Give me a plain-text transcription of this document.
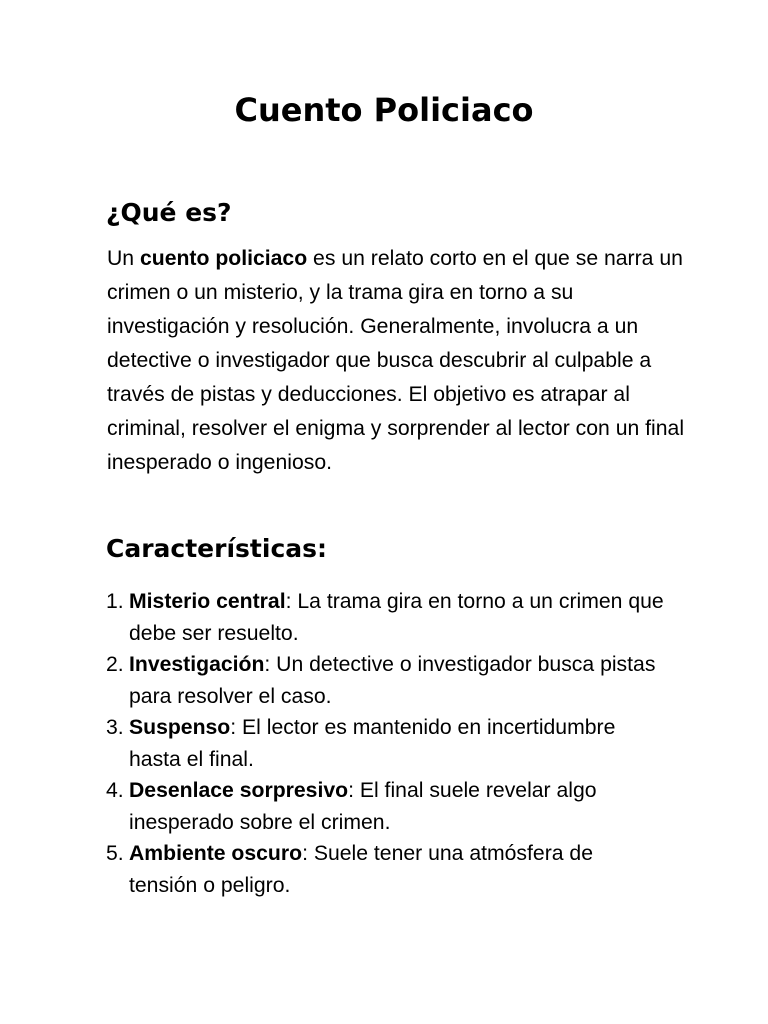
Cuento Policiaco
¿Qué es?

Un cuento policiaco es un relato corto en el que se narra un crimen o un misterio, y la trama gira en torno a su investigación y resolución. Generalmente, involucra a un detective o investigador que busca descubrir al culpable a través de pistas y deducciones. El objetivo es atrapar al criminal, resolver el enigma y sorprender al lector con un final inesperado o ingenioso.

Características:
1. Misterio central: La trama gira en torno a un crimen que debe ser resuelto.
2. Investigación: Un detective o investigador busca pistas para resolver el caso.
3. Suspenso: El lector es mantenido en incertidumbre hasta el final.
4. Desenlace sorpresivo: El final suele revelar algo inesperado sobre el crimen.
5. Ambiente oscuro: Suele tener una atmósfera de tensión o peligro.
